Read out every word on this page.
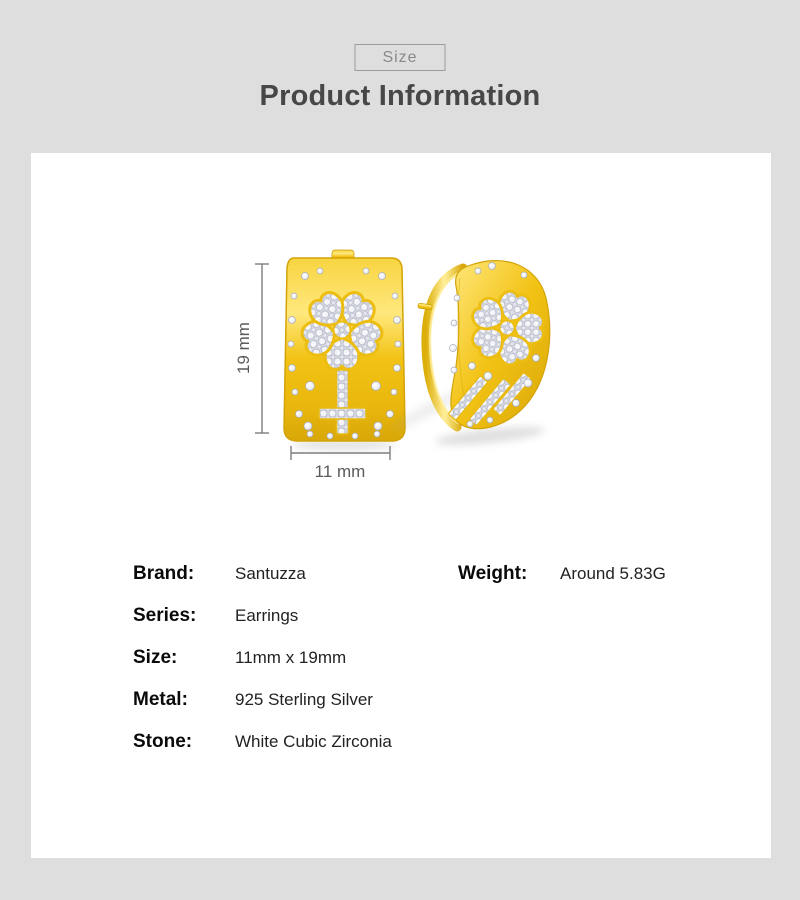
Size
Product Information
19 mm
11 mm
Brand: Santuzza
Series: Earrings
Size:	11mm x 19mm
Metal:	925 Sterling Silver
Stone:	White Cubic Zirconia
Weight: Around 5.83G
